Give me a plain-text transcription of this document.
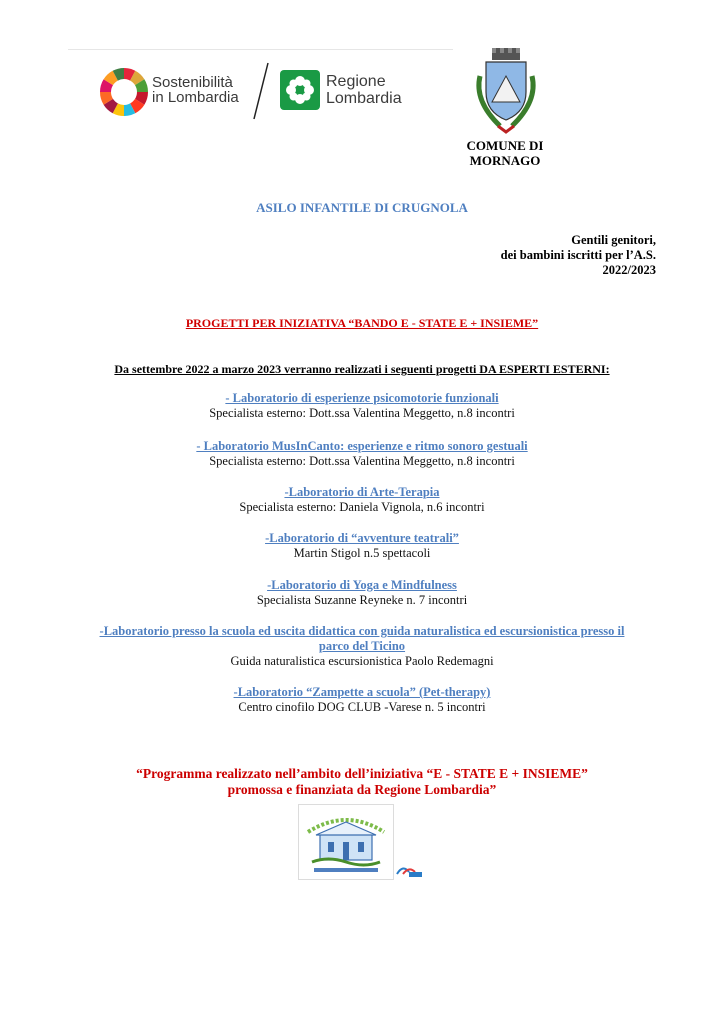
Sostenibilità
in Lombardia
Regione
Lombardia
COMUNE DI
MORNAGO
ASILO INFANTILE DI CRUGNOLA
Gentili genitori,
dei bambini iscritti per l’A.S.
2022/2023
PROGETTI PER INIZIATIVA “BANDO E - STATE E + INSIEME”
Da settembre 2022 a marzo 2023 verranno realizzati i seguenti progetti DA ESPERTI ESTERNI:
- Laboratorio di esperienze psicomotorie funzionali
Specialista esterno: Dott.ssa Valentina Meggetto, n.8 incontri
- Laboratorio MusInCanto: esperienze e ritmo sonoro gestuali
Specialista esterno: Dott.ssa Valentina Meggetto, n.8 incontri
-Laboratorio di Arte-Terapia
Specialista esterno: Daniela Vignola, n.6 incontri
-Laboratorio di “avventure teatrali”
Martin Stigol n.5 spettacoli
-Laboratorio di Yoga e Mindfulness
Specialista Suzanne Reyneke n. 7 incontri
-Laboratorio presso la scuola ed uscita didattica con guida naturalistica ed escursionistica presso il
parco del Ticino
Guida naturalistica escursionistica Paolo Redemagni
-Laboratorio “Zampette a scuola” (Pet-therapy)
Centro cinofilo DOG CLUB -Varese n. 5 incontri
“Programma realizzato nell’ambito dell’iniziativa “E - STATE E + INSIEME”
promossa e finanziata da Regione Lombardia”
